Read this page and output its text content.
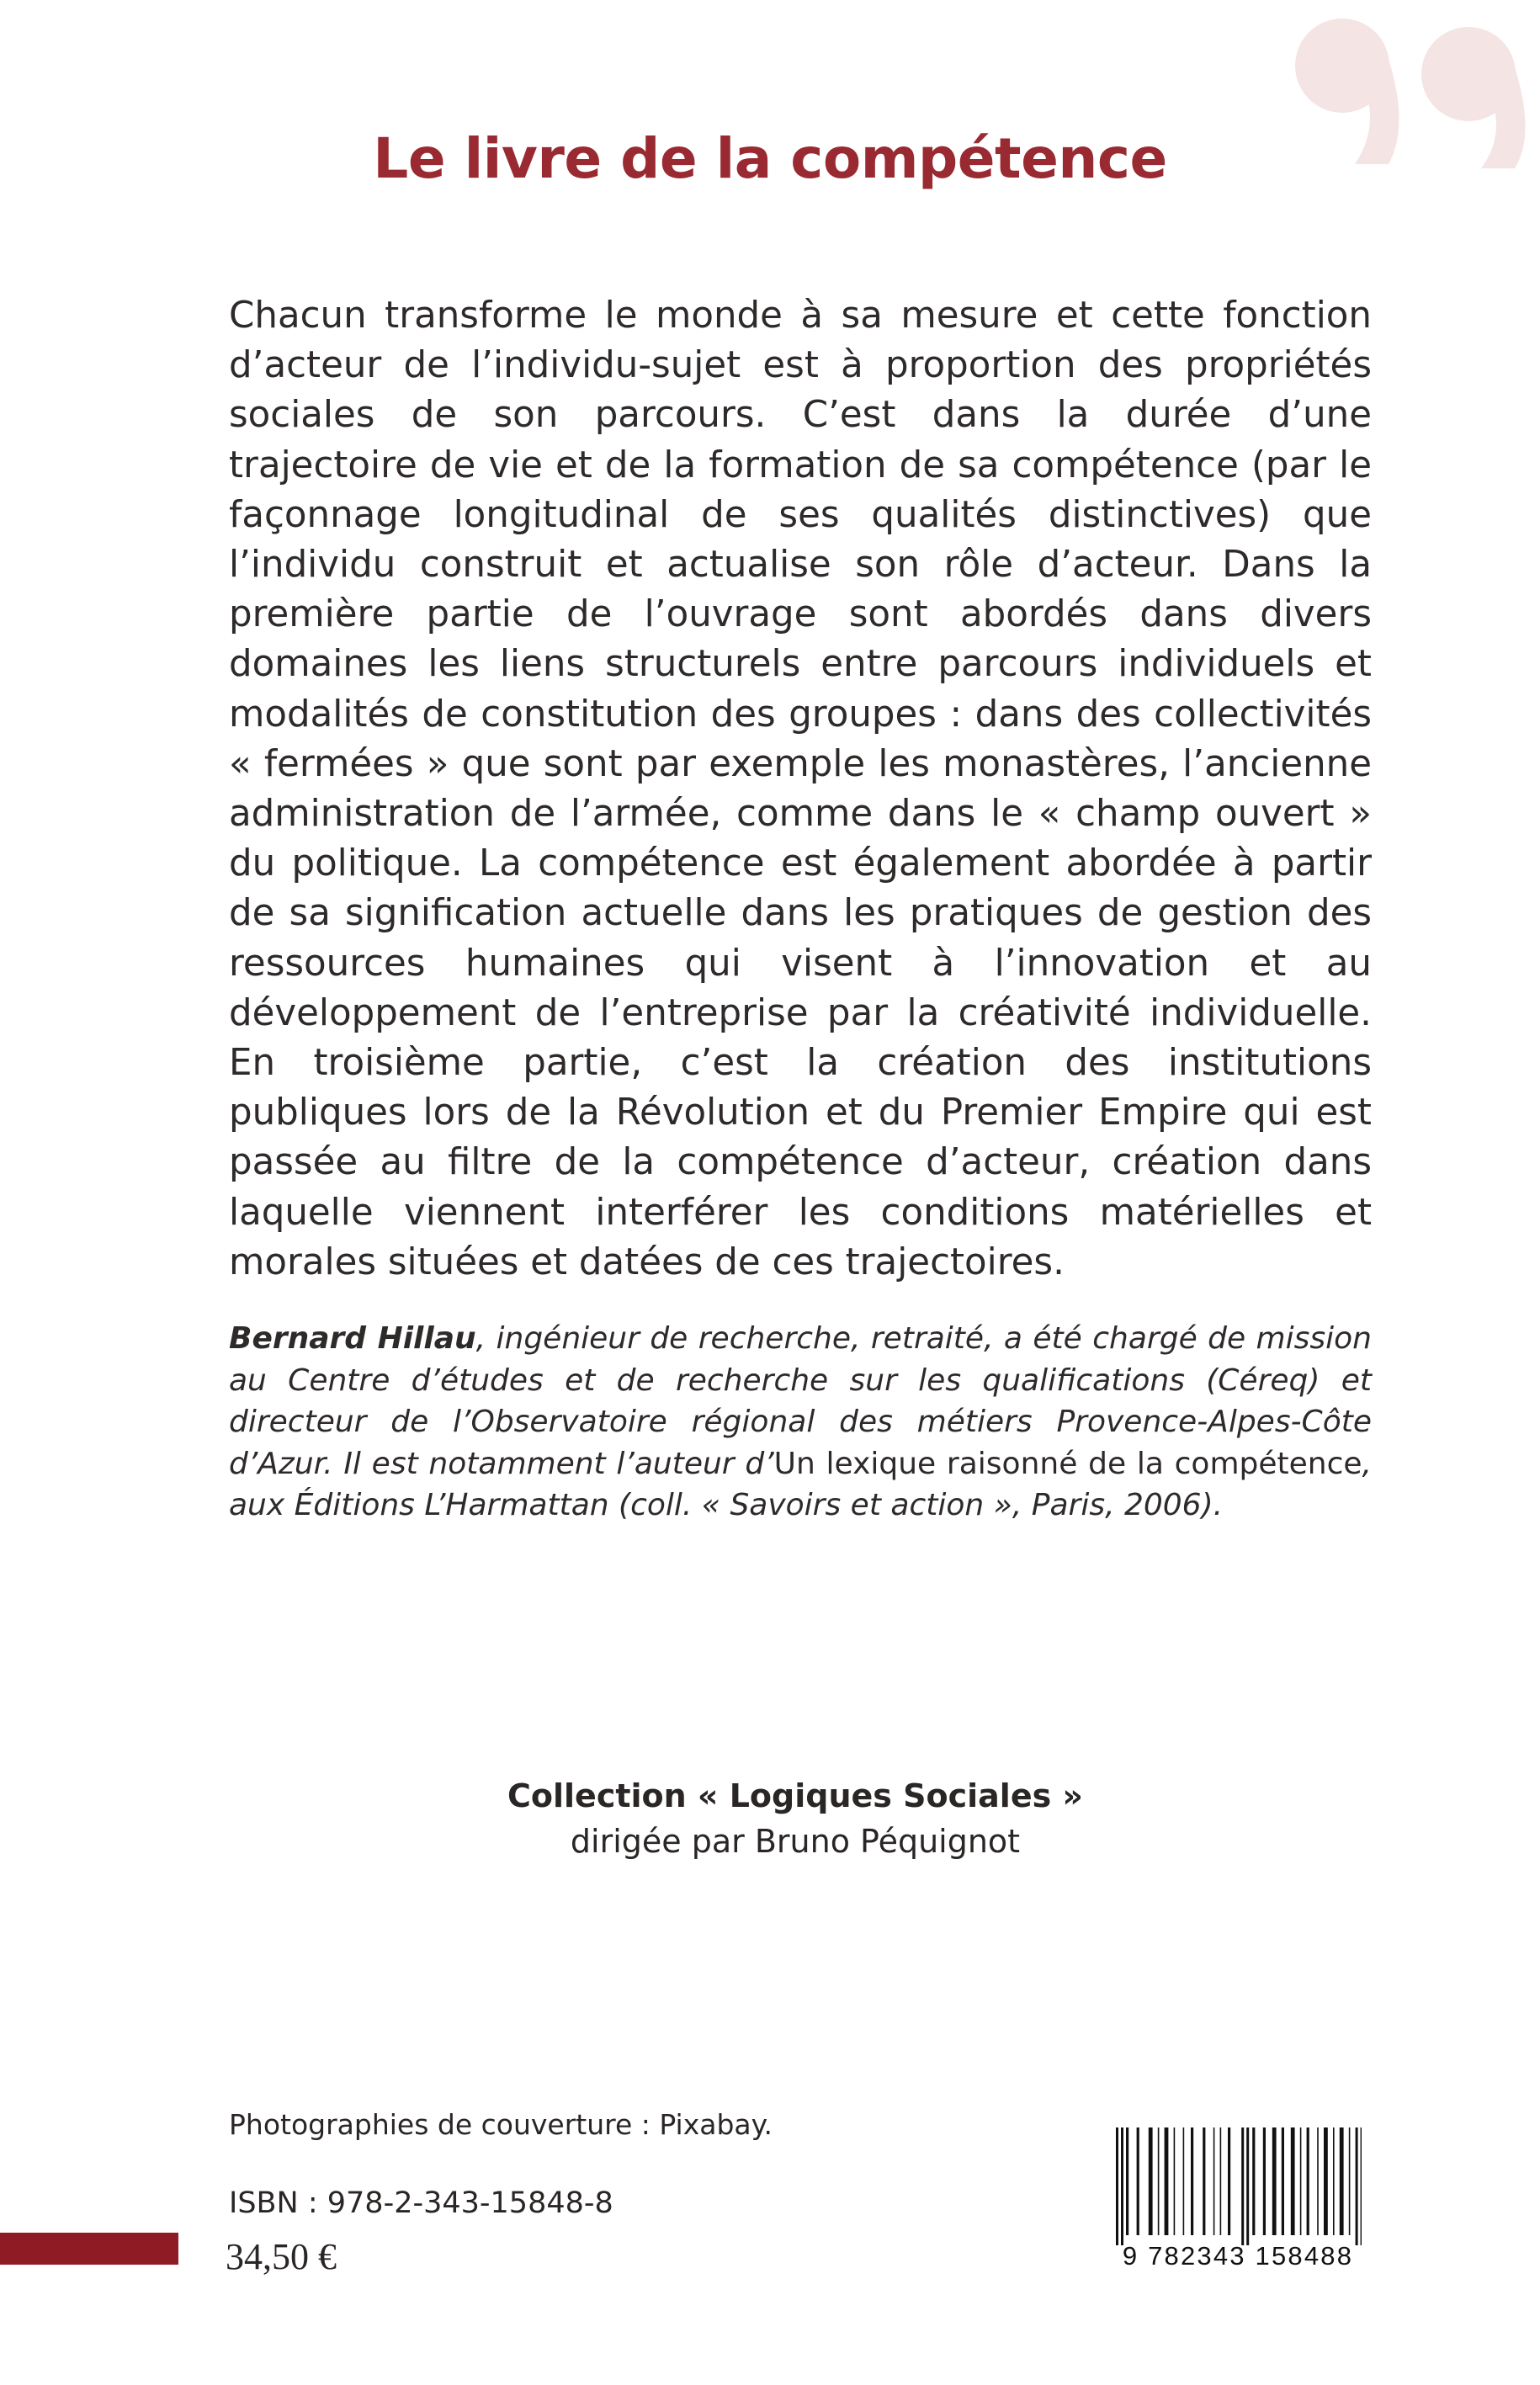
Le livre de la compétence

Chacun transforme le monde à sa mesure et cette fonction d’acteur de l’individu-sujet est à proportion des propriétés sociales de son parcours. C’est dans la durée d’une trajectoire de vie et de la formation de sa compétence (par le façonnage longitudinal de ses qualités distinctives) que l’individu construit et actualise son rôle d’acteur. Dans la première partie de l’ouvrage sont abordés dans divers domaines les liens structurels entre parcours individuels et modalités de constitution des groupes : dans des collectivités « fermées » que sont par exemple les monastères, l’ancienne administration de l’armée, comme dans le « champ ouvert » du politique. La compétence est également abordée à partir de sa signification actuelle dans les pratiques de gestion des ressources humaines qui visent à l’innovation et au développement de l’entreprise par la créativité individuelle. En troisième partie, c’est la création des institutions publiques lors de la Révolution et du Premier Empire qui est passée au filtre de la compétence d’acteur, création dans laquelle viennent interférer les conditions matérielles et morales situées et datées de ces trajectoires.

Bernard Hillau, ingénieur de recherche, retraité, a été chargé de mission au Centre d’études et de recherche sur les qualifications (Céreq) et directeur de l’Observatoire régional des métiers Provence-Alpes-Côte d’Azur. Il est notamment l’auteur d’Un lexique raisonné de la compétence, aux Éditions L’Harmattan (coll. « Savoirs et action », Paris, 2006).

Collection « Logiques Sociales »

dirigée par Bruno Péquignot

Photographies de couverture : Pixabay.

ISBN : 978-2-343-15848-8

34,50 €	9 782343 158488
